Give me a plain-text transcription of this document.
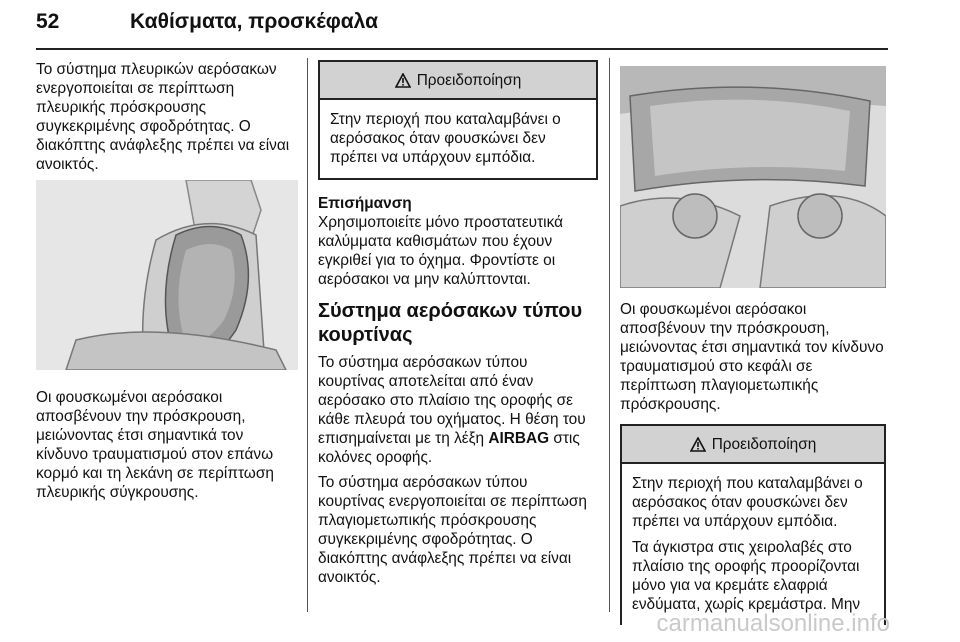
52	Καθίσματα, προσκέφαλα

Το σύστημα πλευρικών αερόσακων ενεργοποιείται σε περίπτωση πλευρικής πρόσκρουσης συγκεκριμένης σφοδρότητας. Ο διακόπτης ανάφλεξης πρέπει να είναι ανοικτός.

Οι φουσκωμένοι αερόσακοι αποσβένουν την πρόσκρουση, μειώνοντας έτσι σημαντικά τον κίνδυνο τραυματισμού στον επάνω κορμό και τη λεκάνη σε περίπτωση πλευρικής σύγκρουσης.

Προειδοποίηση

Στην περιοχή που καταλαμβάνει ο αερόσακος όταν φουσκώνει δεν πρέπει να υπάρχουν εμπόδια.

Επισήμανση

Χρησιμοποιείτε μόνο προστατευτικά καλύμματα καθισμάτων που έχουν εγκριθεί για το όχημα. Φροντίστε οι αερόσακοι να μην καλύπτονται.

Σύστημα αερόσακων τύπου κουρτίνας

Το σύστημα αερόσακων τύπου κουρτίνας αποτελείται από έναν αερόσακο στο πλαίσιο της οροφής σε κάθε πλευρά του οχήματος. Η θέση του επισημαίνεται με τη λέξη AIRBAG στις κολόνες οροφής.

Το σύστημα αερόσακων τύπου κουρτίνας ενεργοποιείται σε περίπτωση πλαγιομετωπικής πρόσκρουσης συγκεκριμένης σφοδρότητας. Ο διακόπτης ανάφλεξης πρέπει να είναι ανοικτός.

Οι φουσκωμένοι αερόσακοι αποσβένουν την πρόσκρουση, μειώνοντας έτσι σημαντικά τον κίνδυνο τραυματισμού στο κεφάλι σε περίπτωση πλαγιομετωπικής πρόσκρουσης.

Προειδοποίηση

Στην περιοχή που καταλαμβάνει ο αερόσακος όταν φουσκώνει δεν πρέπει να υπάρχουν εμπόδια.

Τα άγκιστρα στις χειρολαβές στο πλαίσιο της οροφής προορίζονται μόνο για να κρεμάτε ελαφριά ενδύματα, χωρίς κρεμάστρα. Μην

carmanualsonline.info
